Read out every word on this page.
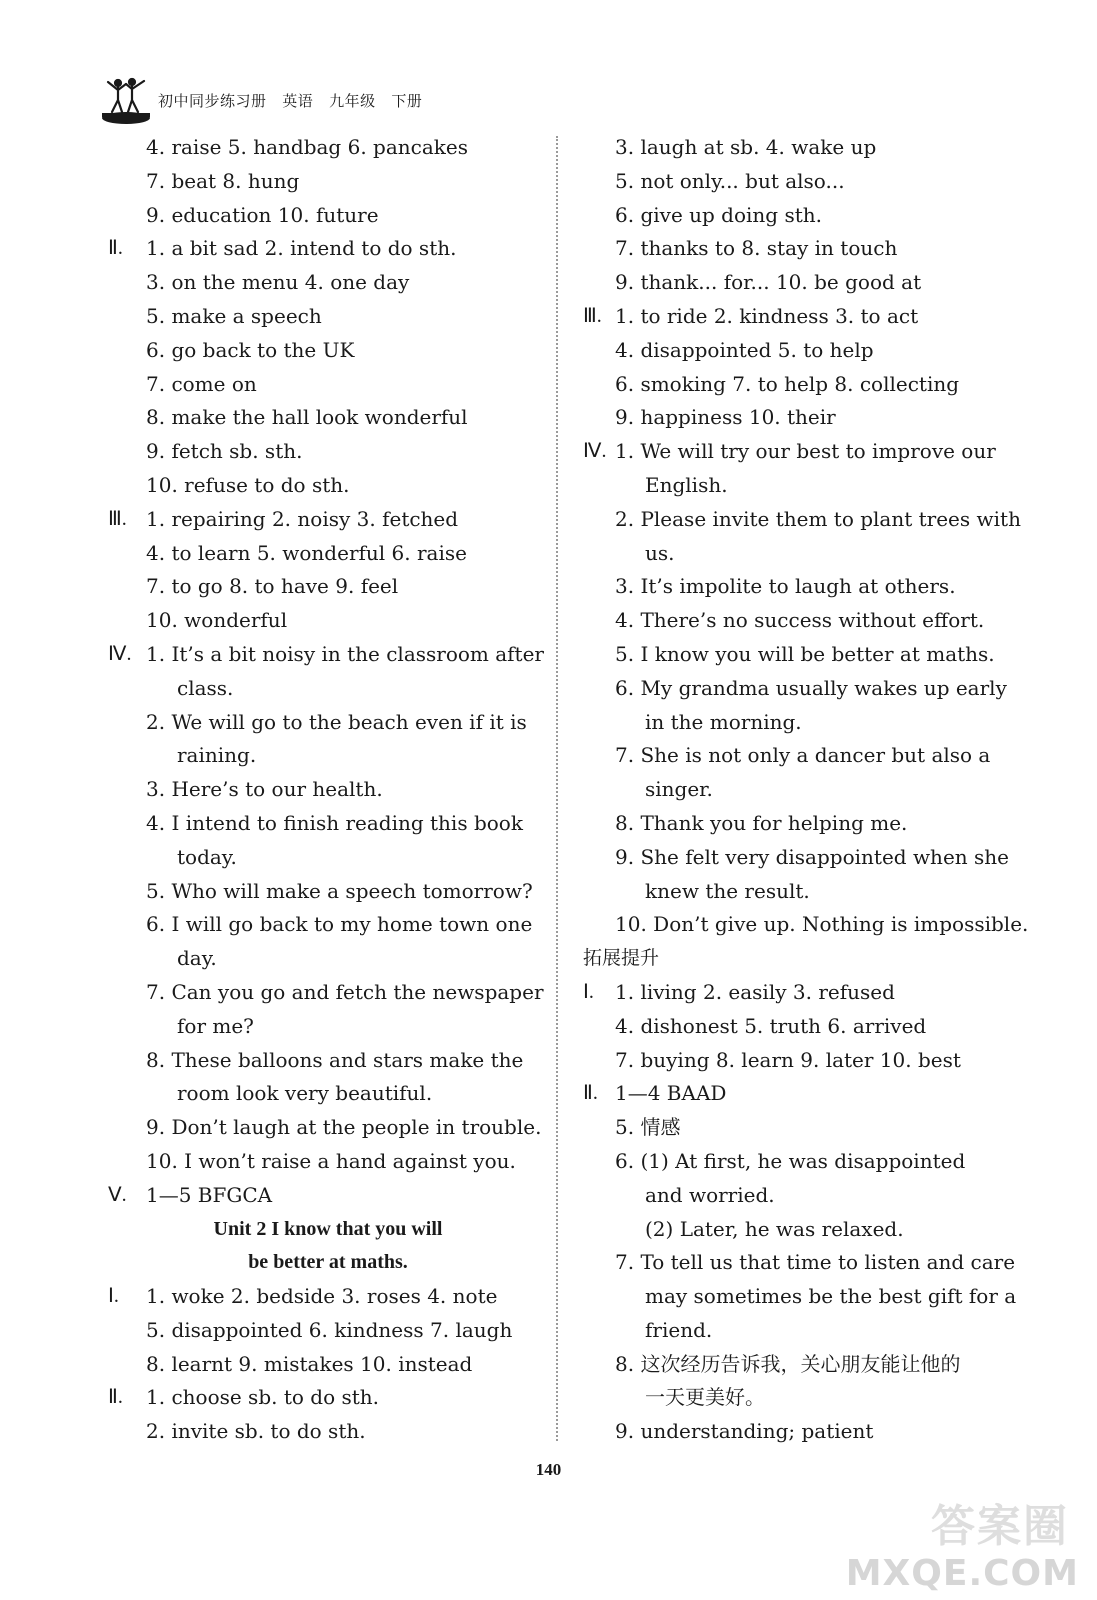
初中同步练习册   英语   九年级   下册
4. raise 5. handbag 6. pancakes
7. beat 8. hung
9. education 10. future
Ⅱ. 1. a bit sad 2. intend to do sth.
3. on the menu 4. one day
5. make a speech
6. go back to the UK
7. come on
8. make the hall look wonderful
9. fetch sb. sth.
10. refuse to do sth.
Ⅲ. 1. repairing 2. noisy 3. fetched
4. to learn 5. wonderful 6. raise
7. to go 8. to have 9. feel
10. wonderful
Ⅳ. 1. It’s a bit noisy in the classroom after
class.
2. We will go to the beach even if it is
raining.
3. Here’s to our health.
4. I intend to finish reading this book
today.
5. Who will make a speech tomorrow?
6. I will go back to my home town one
day.
7. Can you go and fetch the newspaper
for me?
8. These balloons and stars make the
room look very beautiful.
9. Don’t laugh at the people in trouble.
10. I won’t raise a hand against you.
Ⅴ. 1—5 BFGCA
Unit 2 I know that you will
be better at maths.
Ⅰ. 1. woke 2. bedside 3. roses 4. note
5. disappointed 6. kindness 7. laugh
8. learnt 9. mistakes 10. instead
Ⅱ. 1. choose sb. to do sth.
2. invite sb. to do sth.
3. laugh at sb. 4. wake up
5. not only... but also...
6. give up doing sth.
7. thanks to 8. stay in touch
9. thank... for... 10. be good at
Ⅲ. 1. to ride 2. kindness 3. to act
4. disappointed 5. to help
6. smoking 7. to help 8. collecting
9. happiness 10. their
Ⅳ. 1. We will try our best to improve our
English.
2. Please invite them to plant trees with
us.
3. It’s impolite to laugh at others.
4. There’s no success without effort.
5. I know you will be better at maths.
6. My grandma usually wakes up early
in the morning.
7. She is not only a dancer but also a
singer.
8. Thank you for helping me.
9. She felt very disappointed when she
knew the result.
10. Don’t give up. Nothing is impossible.
拓展提升
Ⅰ. 1. living 2. easily 3. refused
4. dishonest 5. truth 6. arrived
7. buying 8. learn 9. later 10. best
Ⅱ. 1—4 BAAD
5. 情感
6. (1) At first, he was disappointed
and worried.
(2) Later, he was relaxed.
7. To tell us that time to listen and care
may sometimes be the best gift for a
friend.
8. 这次经历告诉我，关心朋友能让他的
一天更美好。
9. understanding; patient
140
答案圈
MXQE.COM
